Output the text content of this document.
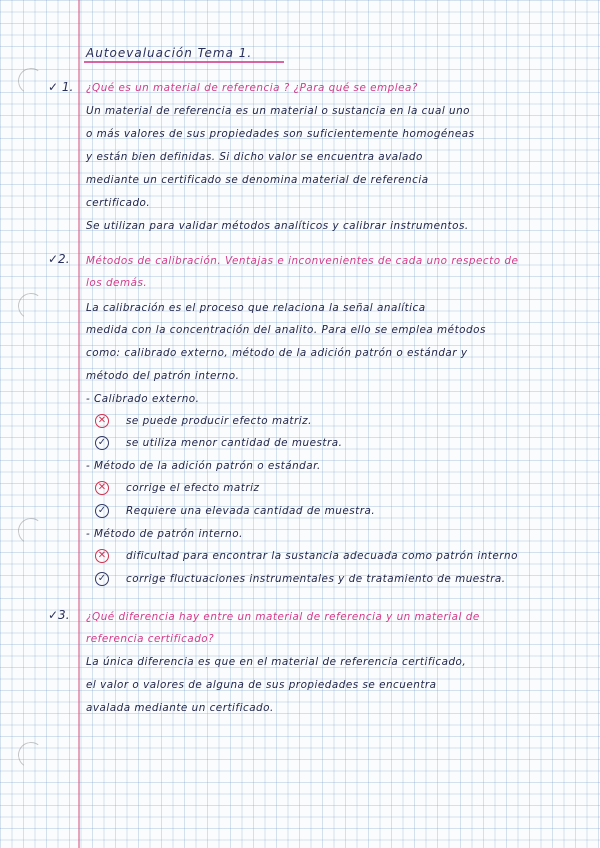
Autoevaluación Tema 1.
✓ 1. ¿Qué es un material de referencia ? ¿Para qué se emplea?
Un material de referencia es un material o sustancia en la cual uno
o más valores de sus propiedades son suficientemente homogéneas
y están bien definidas. Si dicho valor se encuentra avalado
mediante un certificado se denomina material de referencia
certificado.
Se utilizan para validar métodos analíticos y calibrar instrumentos.
✓2. Métodos de calibración. Ventajas e inconvenientes de cada uno respecto de
los demás.
La calibración es el proceso que relaciona la señal analítica
medida con la concentración del analito. Para ello se emplea métodos
como: calibrado externo, método de la adición patrón o estándar y
método del patrón interno.
- Calibrado externo.
✕ se puede producir efecto matriz.
✓ se utiliza menor cantidad de muestra.
- Método de la adición patrón o estándar.
✕ corrige el efecto matriz
✓ Requiere una elevada cantidad de muestra.
- Método de patrón interno.
✕ dificultad para encontrar la sustancia adecuada como patrón interno
✓ corrige fluctuaciones instrumentales y de tratamiento de muestra.
✓3. ¿Qué diferencia hay entre un material de referencia y un material de
referencia certificado?
La única diferencia es que en el material de referencia certificado,
el valor o valores de alguna de sus propiedades se encuentra
avalada mediante un certificado.
